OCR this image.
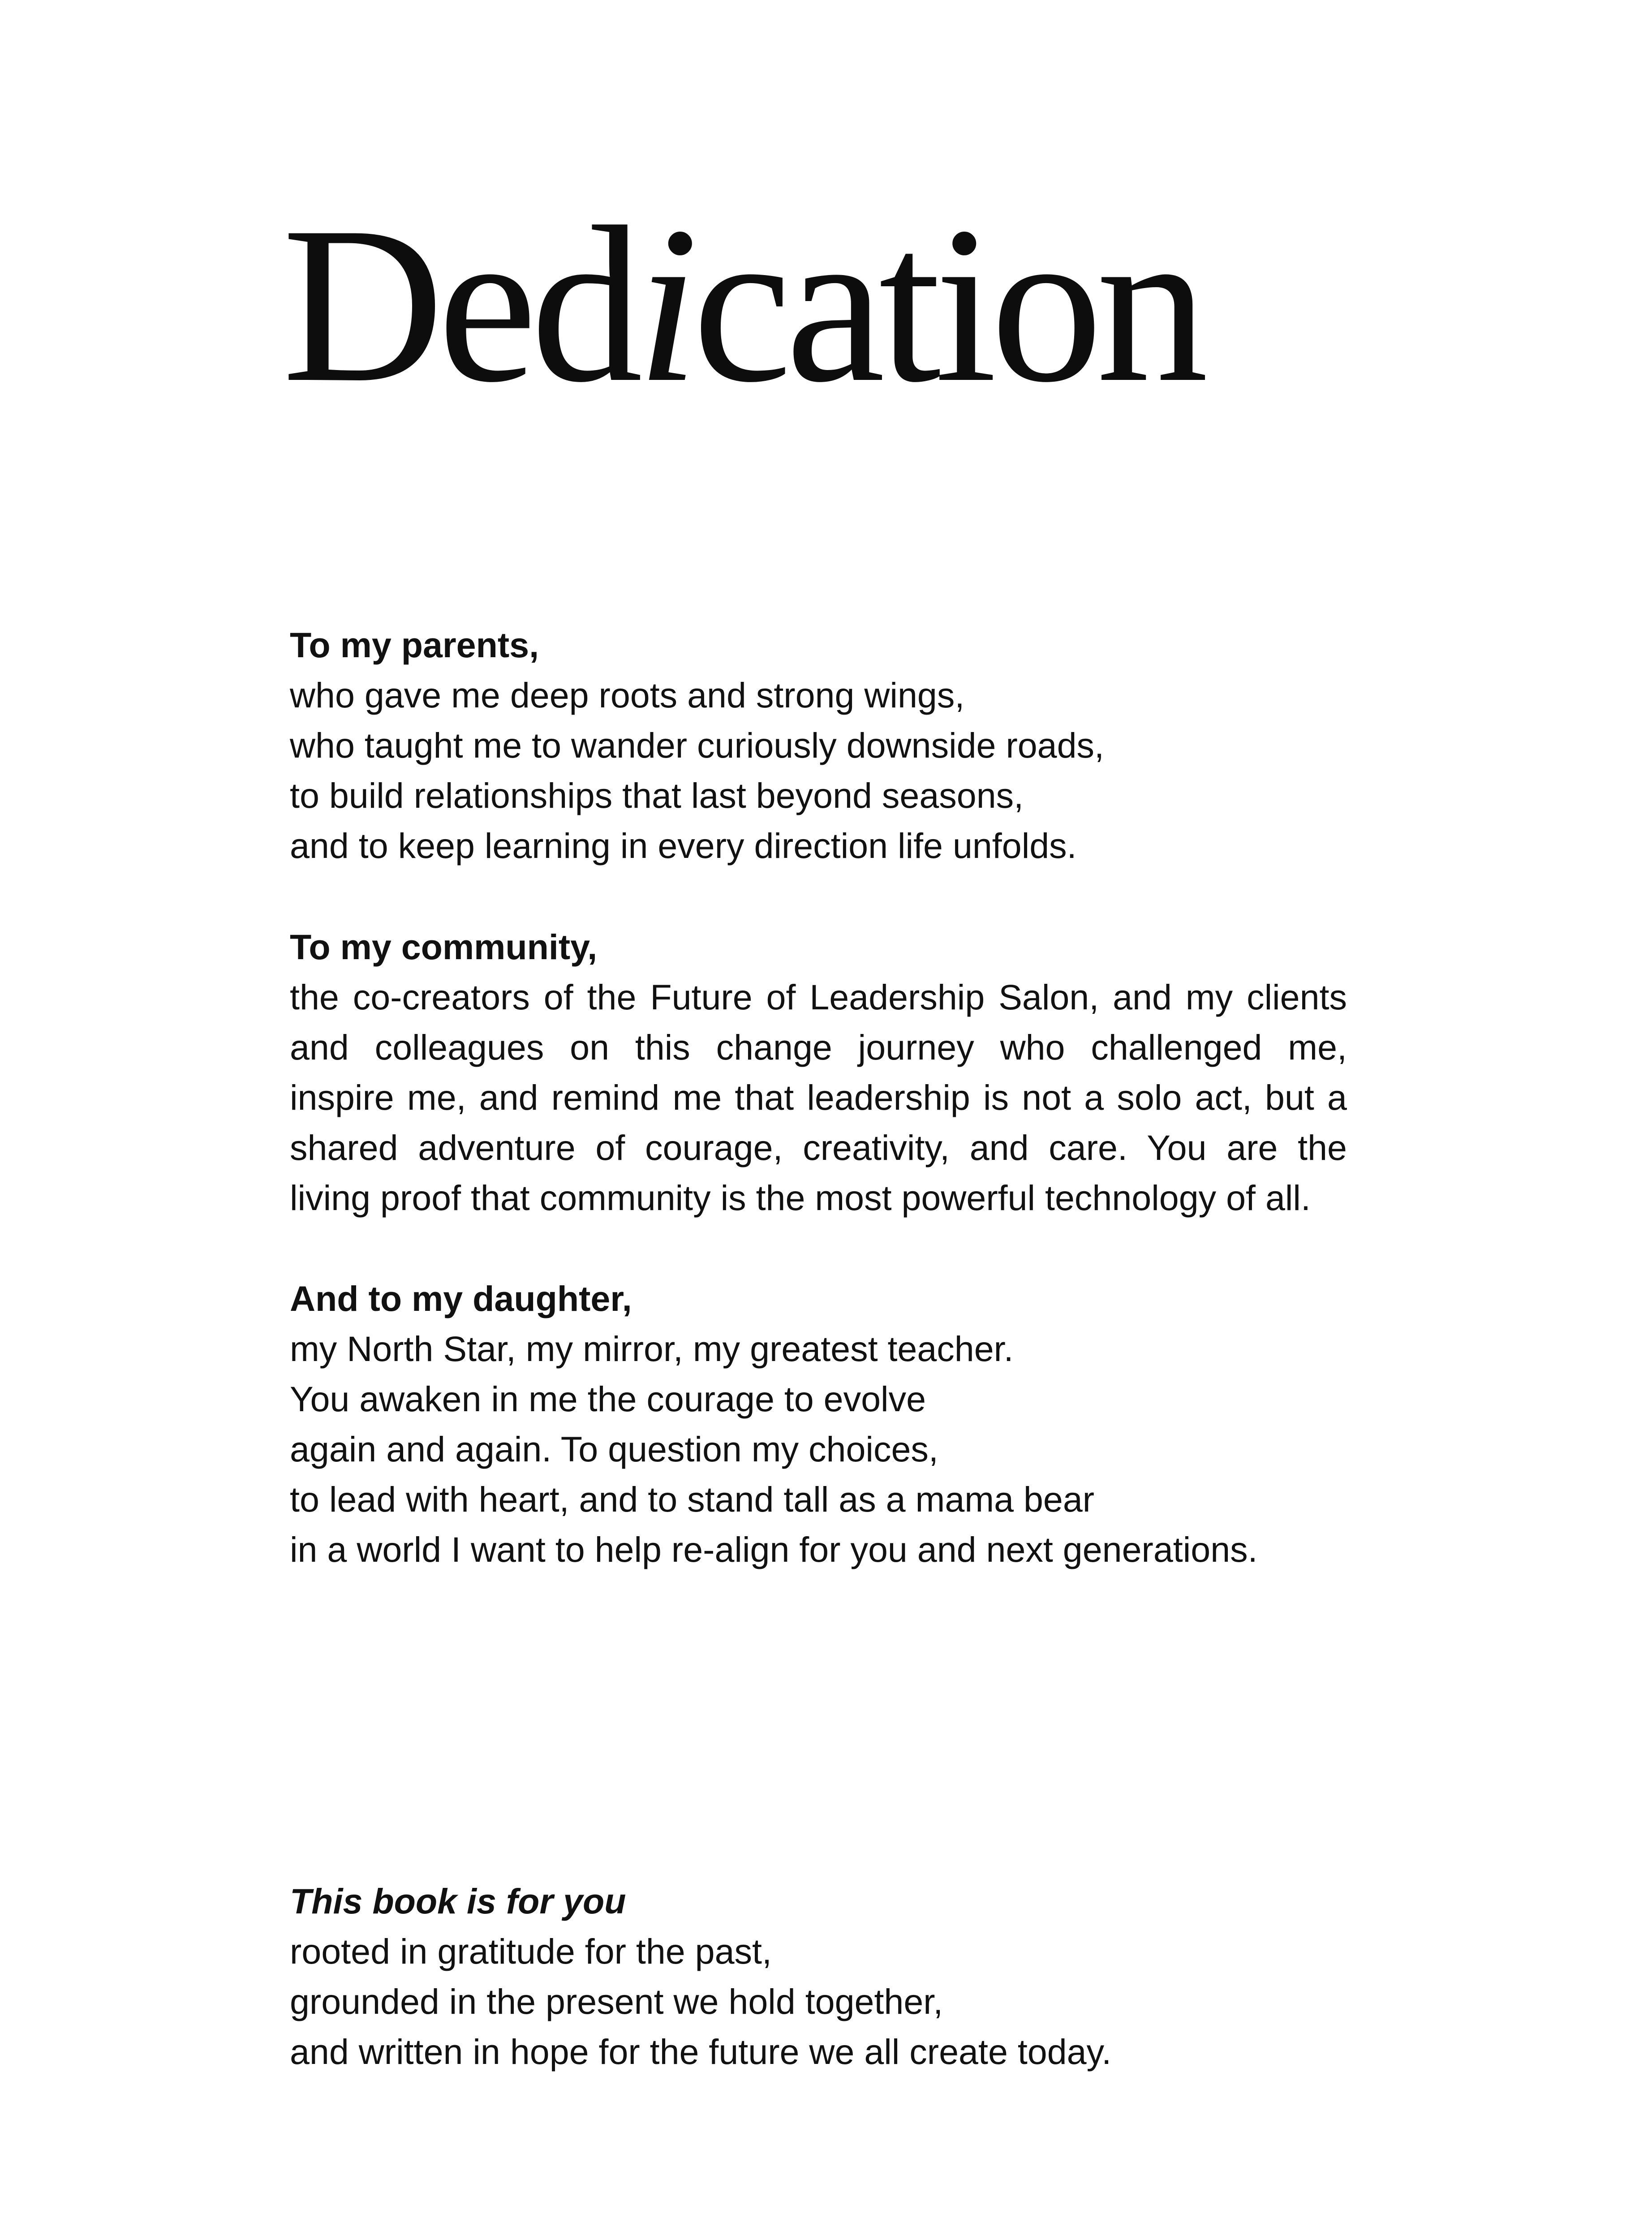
Dedication

To my parents,

who gave me deep roots and strong wings,

who taught me to wander curiously downside roads,

to build relationships that last beyond seasons,

and to keep learning in every direction life unfolds.

To my community,

the co-creators of the Future of Leadership Salon, and my clients

and colleagues on this change journey who challenged me,

inspire me, and remind me that leadership is not a solo act, but a

shared adventure of courage, creativity, and care. You are the

living proof that community is the most powerful technology of all.

And to my daughter,

my North Star, my mirror, my greatest teacher.

You awaken in me the courage to evolve

again and again. To question my choices,

to lead with heart, and to stand tall as a mama bear

in a world I want to help re-align for you and next generations.

This book is for you

rooted in gratitude for the past,

grounded in the present we hold together,

and written in hope for the future we all create today.
